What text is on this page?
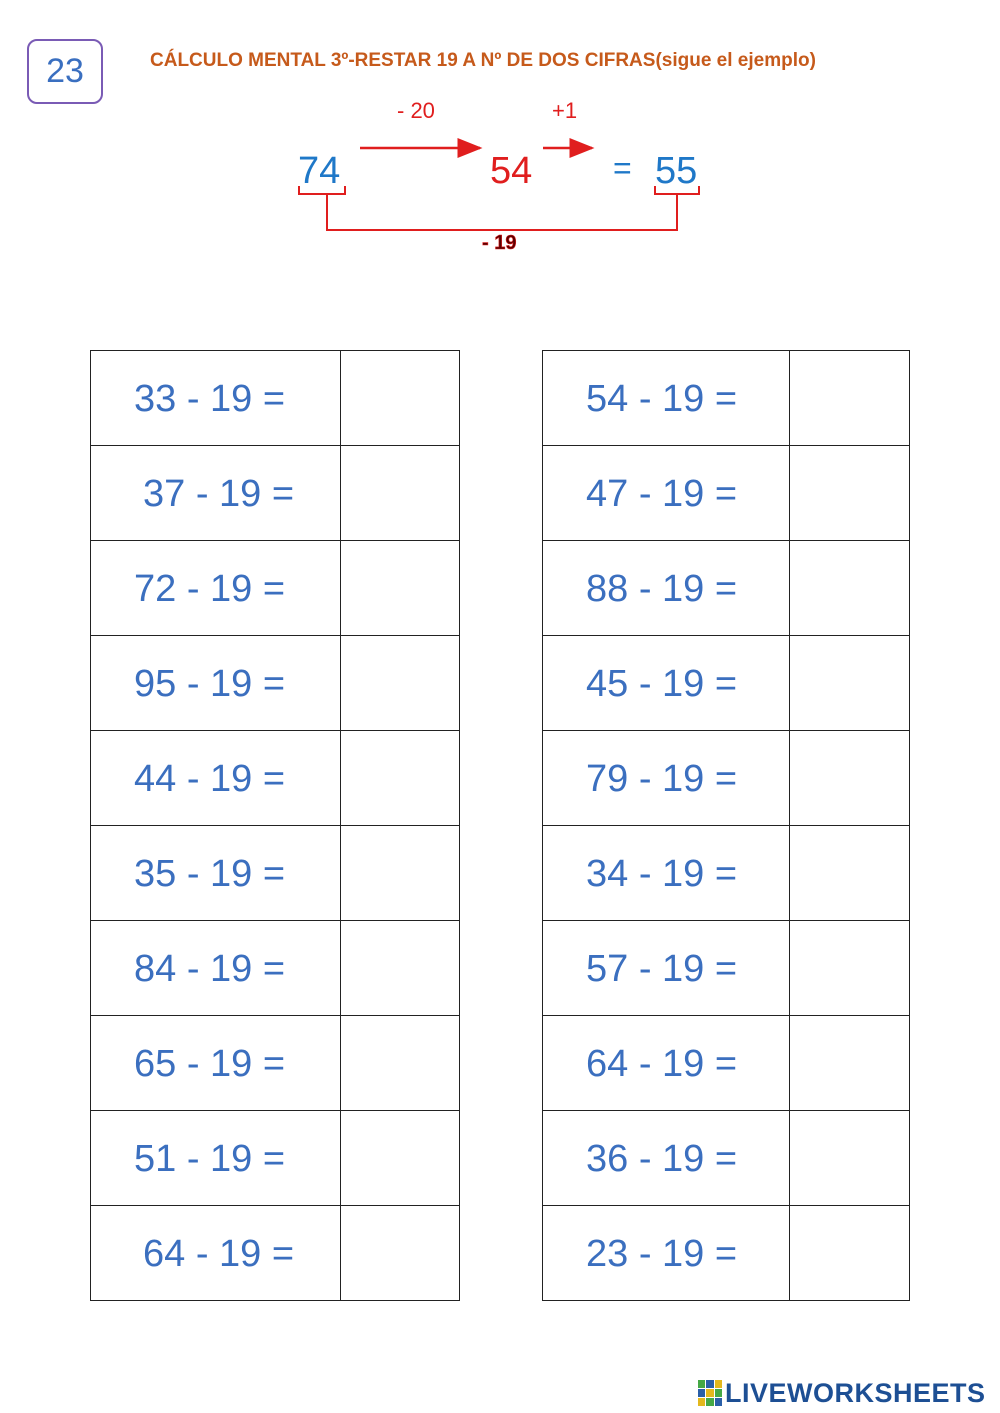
23	CÁLCULO MENTAL 3º-RESTAR 19 A Nº DE DOS CIFRAS(sigue el ejemplo)
- 20	+1
74	54	= 55
- 19
33 - 19 =	
37 - 19 =	
72 - 19 =	
95 - 19 =	
44 - 19 =	
35 - 19 =	
84 - 19 =	
65 - 19 =	
51 - 19 =	
64 - 19 =	
54 - 19 =	
47 - 19 =	
88 - 19 =	
45 - 19 =	
79 - 19 =	
34 - 19 =	
57 - 19 =	
64 - 19 =	
36 - 19 =	
23 - 19 =	
LIVEWORKSHEETS
